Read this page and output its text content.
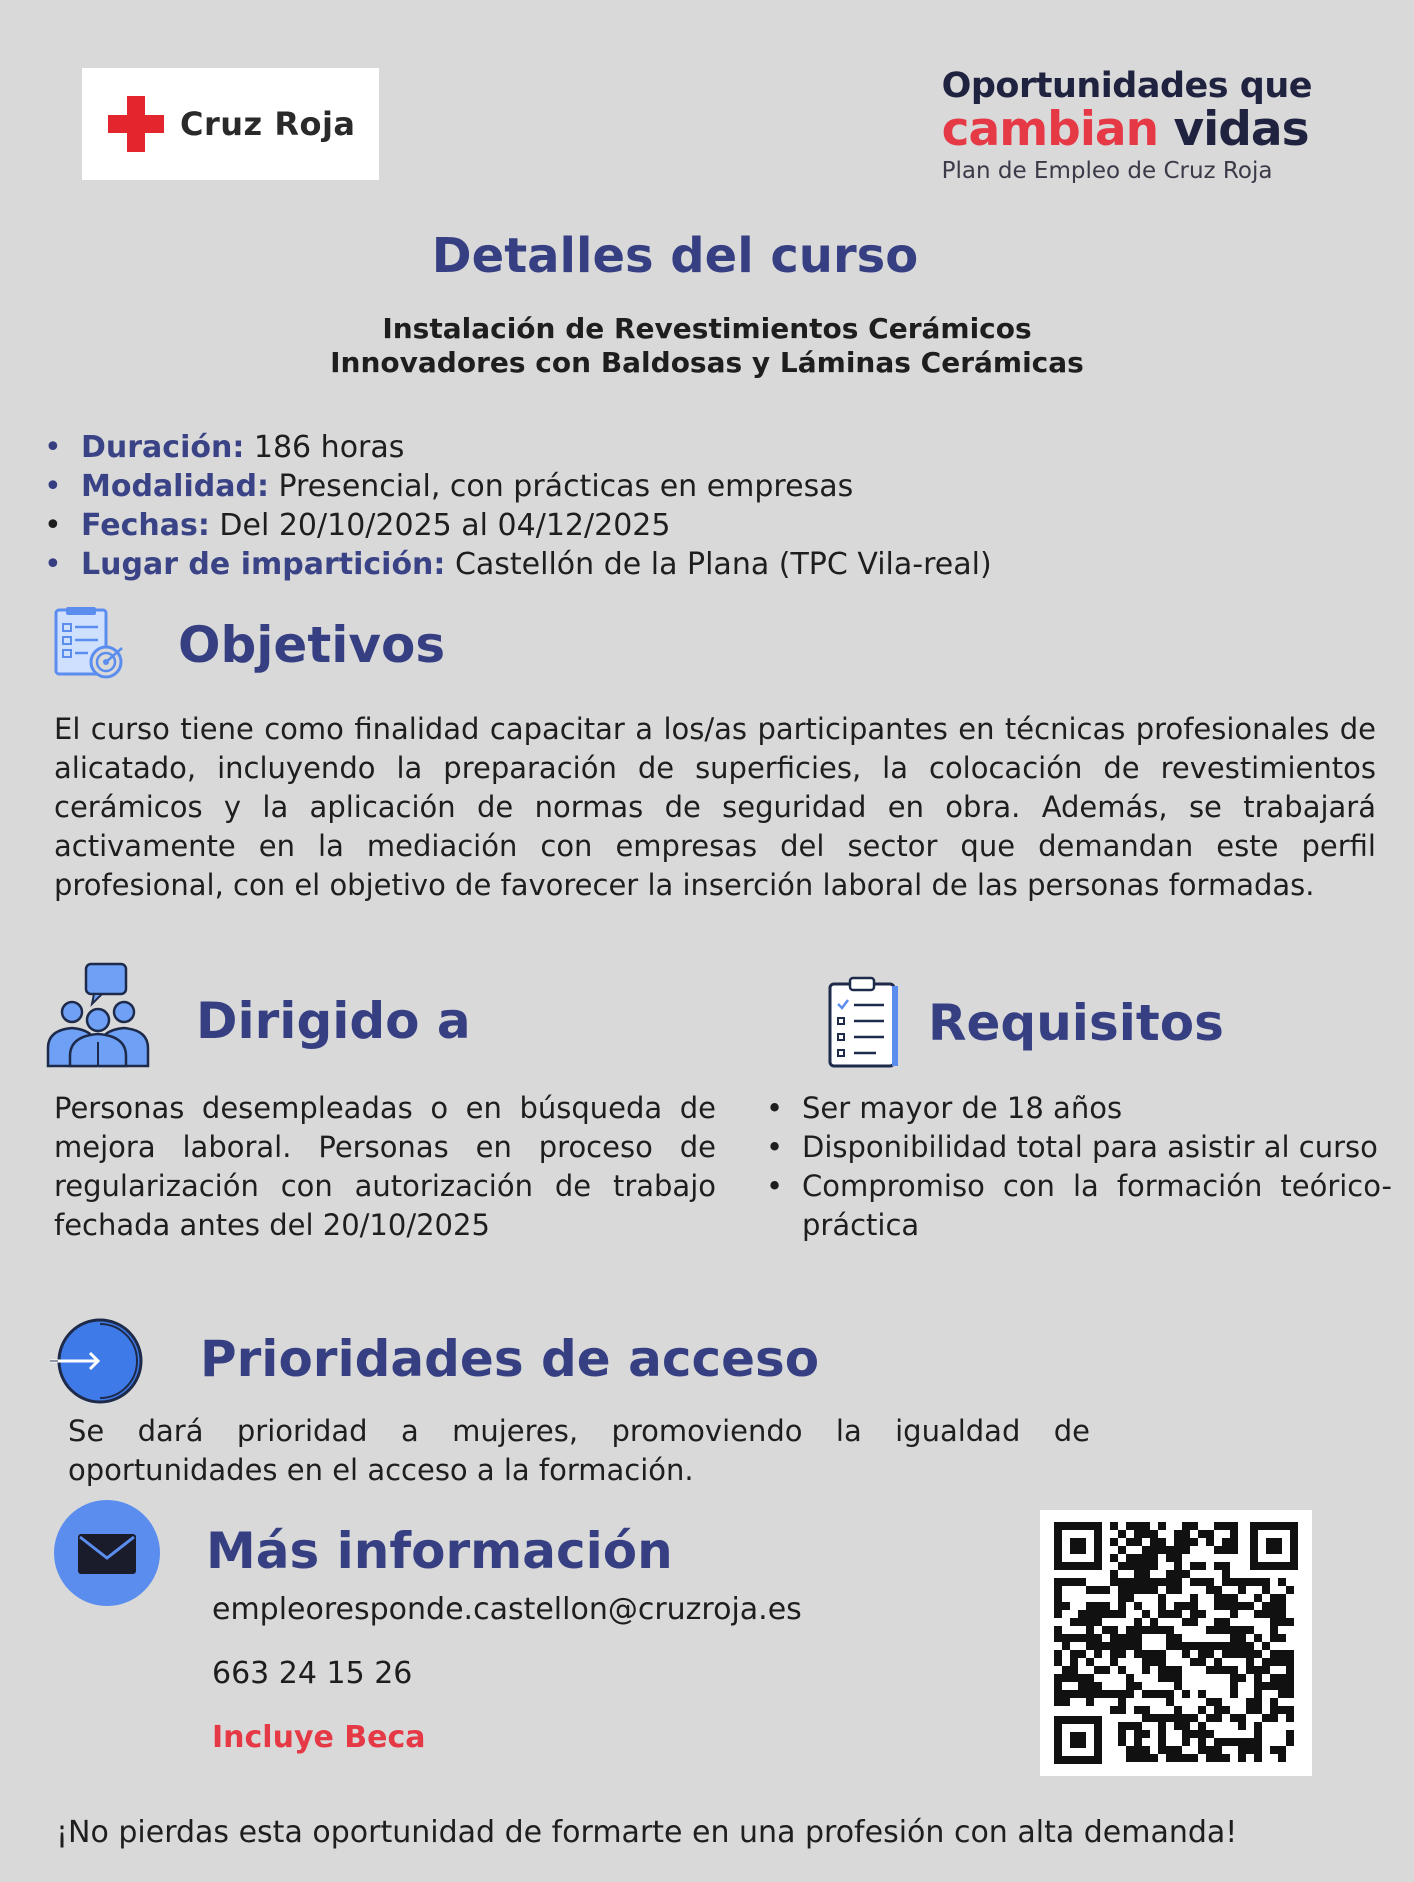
Cruz Roja
Oportunidades que
cambian vidas
Plan de Empleo de Cruz Roja
Detalles del curso
Instalación de Revestimientos Cerámicos
Innovadores con Baldosas y Láminas Cerámicas
• Duración: 186 horas
• Modalidad: Presencial, con prácticas en empresas
• Fechas: Del 20/10/2025 al 04/12/2025
• Lugar de impartición: Castellón de la Plana (TPC Vila-real)
Objetivos
El curso tiene como finalidad capacitar a los/as participantes en técnicas profesionales de alicatado, incluyendo la preparación de superficies, la colocación de revestimientos cerámicos y la aplicación de normas de seguridad en obra. Además, se trabajará activamente en la mediación con empresas del sector que demandan este perfil profesional, con el objetivo de favorecer la inserción laboral de las personas formadas.
Dirigido a
Personas desempleadas o en búsqueda de mejora laboral. Personas en proceso de regularización con autorización de trabajo fechada antes del 20/10/2025
Requisitos
• Ser mayor de 18 años
• Disponibilidad total para asistir al curso
• Compromiso con la formación teórico-práctica
Prioridades de acceso
Se dará prioridad a mujeres, promoviendo la igualdad de
oportunidades en el acceso a la formación.
Más información
empleoresponde.castellon@cruzroja.es
663 24 15 26
Incluye Beca
¡No pierdas esta oportunidad de formarte en una profesión con alta demanda!
